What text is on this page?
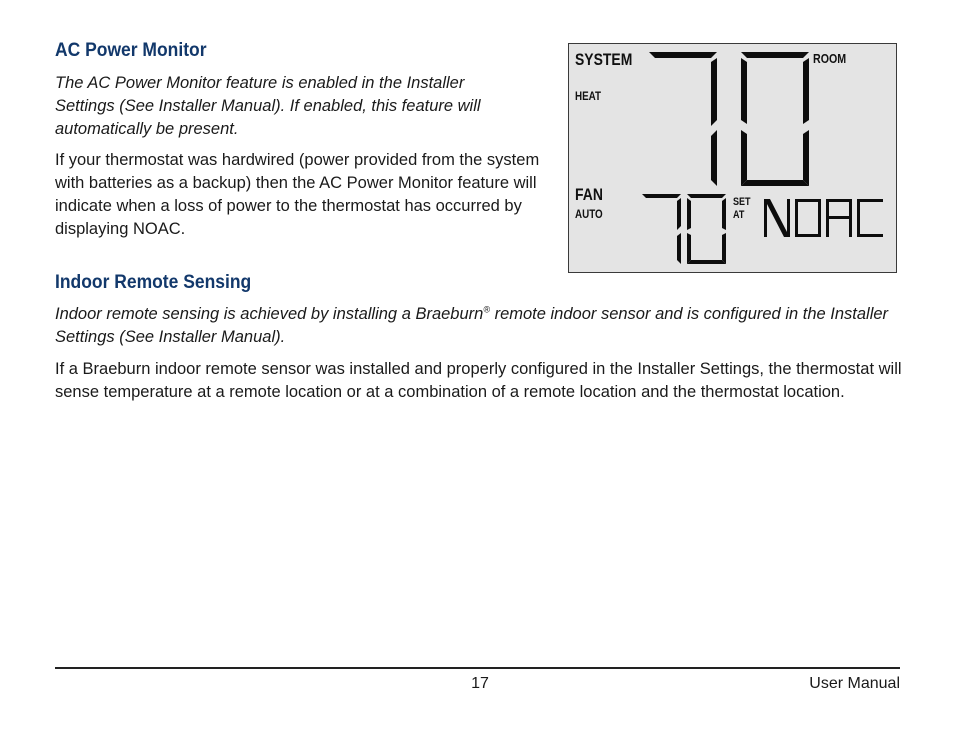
AC Power Monitor

The AC Power Monitor feature is enabled in the Installer Settings (See Installer Manual). If enabled, this feature will automatically be present.

If your thermostat was hardwired (power provided from the system with batteries as a backup) then the AC Power Monitor feature will indicate when a loss of power to the thermostat has occurred by displaying NOAC.

SYSTEM	ROOM
HEAT
FAN
AUTO
SET
AT
Indoor Remote Sensing

Indoor remote sensing is achieved by installing a Braeburn® remote indoor sensor and is configured in the Installer Settings (See Installer Manual).

If a Braeburn indoor remote sensor was installed and properly configured in the Installer Settings, the thermostat will sense temperature at a remote location or at a combination of a remote location and the thermostat location.

17	User Manual
